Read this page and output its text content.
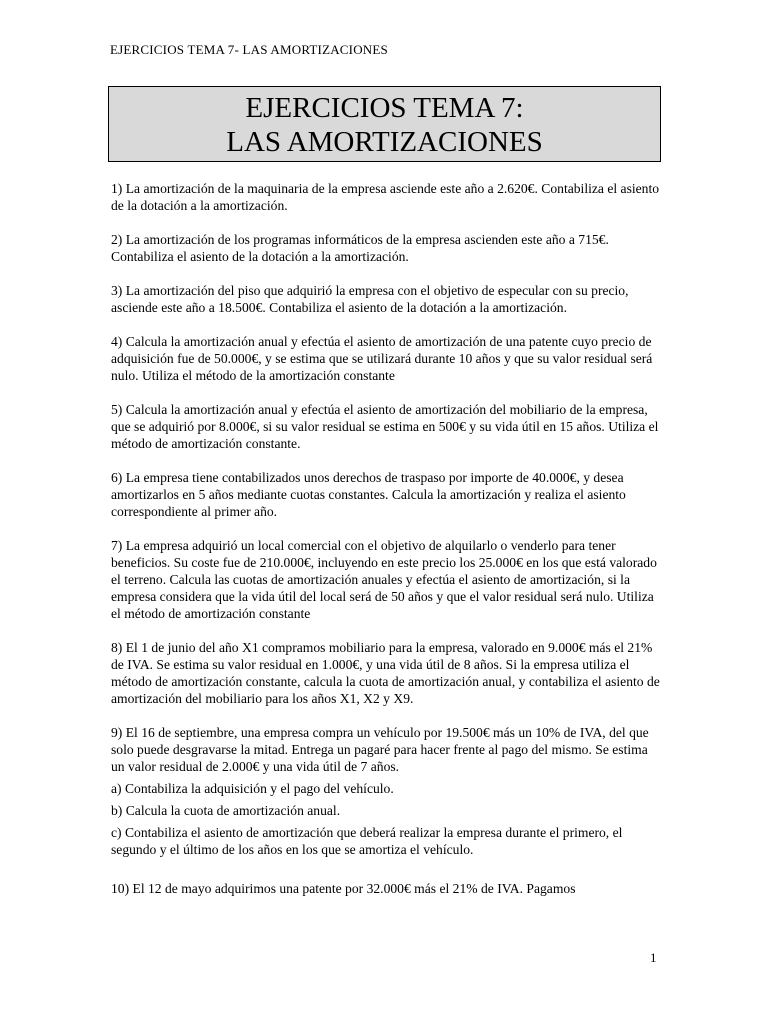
EJERCICIOS TEMA 7- LAS AMORTIZACIONES
EJERCICIOS TEMA 7:
LAS AMORTIZACIONES

1) La amortización de la maquinaria de la empresa asciende este año a 2.620€. Contabiliza el asiento de la dotación a la amortización.

2) La amortización de los programas informáticos de la empresa ascienden este año a 715€. Contabiliza el asiento de la dotación a la amortización.

3) La amortización del piso que adquirió la empresa con el objetivo de especular con su precio, asciende este año a 18.500€. Contabiliza el asiento de la dotación a la amortización.

4) Calcula la amortización anual y efectúa el asiento de amortización de una patente cuyo precio de adquisición fue de 50.000€, y se estima que se utilizará durante 10 años y que su valor residual será nulo. Utiliza el método de la amortización constante

5) Calcula la amortización anual y efectúa el asiento de amortización del mobiliario de la empresa, que se adquirió por 8.000€, si su valor residual se estima en 500€ y su vida útil en 15 años. Utiliza el método de amortización constante.

6) La empresa tiene contabilizados unos derechos de traspaso por importe de 40.000€, y desea amortizarlos en 5 años mediante cuotas constantes. Calcula la amortización y realiza el asiento correspondiente al primer año.

7) La empresa adquirió un local comercial con el objetivo de alquilarlo o venderlo para tener beneficios. Su coste fue de 210.000€, incluyendo en este precio los 25.000€ en los que está valorado el terreno. Calcula las cuotas de amortización anuales y efectúa el asiento de amortización, si la empresa considera que la vida útil del local será de 50 años y que el valor residual será nulo. Utiliza el método de amortización constante

8) El 1 de junio del año X1 compramos mobiliario para la empresa, valorado en 9.000€ más el 21% de IVA. Se estima su valor residual en 1.000€, y una vida útil de 8 años. Si la empresa utiliza el método de amortización constante, calcula la cuota de amortización anual, y contabiliza el asiento de amortización del mobiliario para los años X1, X2 y X9.

9) El 16 de septiembre, una empresa compra un vehículo por 19.500€ más un 10% de IVA, del que solo puede desgravarse la mitad. Entrega un pagaré para hacer frente al pago del mismo. Se estima un valor residual de 2.000€ y una vida útil de 7 años.

a) Contabiliza la adquisición y el pago del vehículo.

b) Calcula la cuota de amortización anual.

c) Contabiliza el asiento de amortización que deberá realizar la empresa durante el primero, el segundo y el último de los años en los que se amortiza el vehículo.

10) El 12 de mayo adquirimos una patente por 32.000€ más el 21% de IVA. Pagamos

1
